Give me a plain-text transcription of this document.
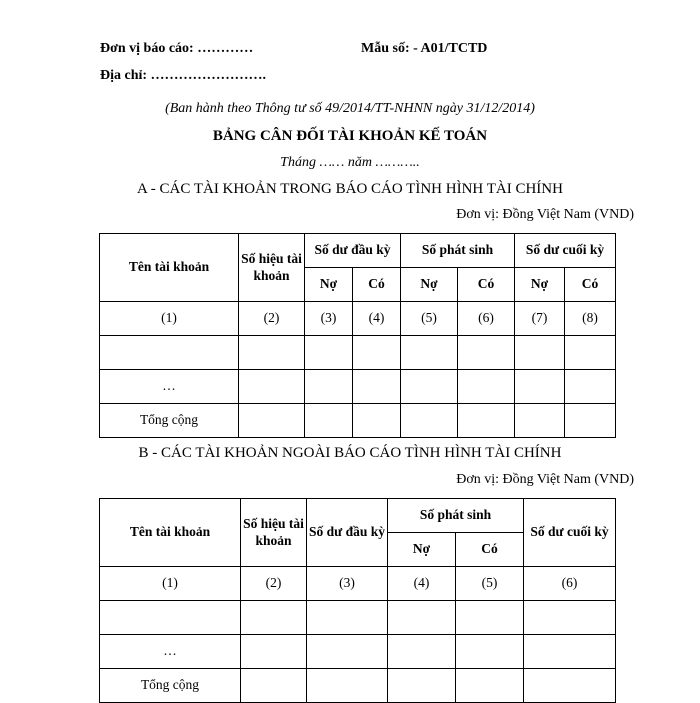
Đơn vị báo cáo: …………	Mẫu số: - A01/TCTD
Địa chỉ: …………………….
(Ban hành theo Thông tư số 49/2014/TT-NHNN ngày 31/12/2014)
BẢNG CÂN ĐỐI TÀI KHOẢN KẾ TOÁN
Tháng …… năm ………..
A - CÁC TÀI KHOẢN TRONG BÁO CÁO TÌNH HÌNH TÀI CHÍNH
Đơn vị: Đồng Việt Nam (VND)
Tên tài khoản	Số hiệu tài khoản	Số dư đầu kỳ		Số phát sinh		Số dư cuối kỳ	
		Nợ	Có	Nợ	Có	Nợ	Có
(1)	(2)	(3)	(4)	(5)	(6)	(7)	(8)

…							
Tổng cộng							
B - CÁC TÀI KHOẢN NGOÀI BÁO CÁO TÌNH HÌNH TÀI CHÍNH
Đơn vị: Đồng Việt Nam (VND)
Tên tài khoản	Số hiệu tài khoản	Số dư đầu kỳ	Số phát sinh		Số dư cuối kỳ
			Nợ	Có	
(1)	(2)	(3)	(4)	(5)	(6)

…					
Tổng cộng					
